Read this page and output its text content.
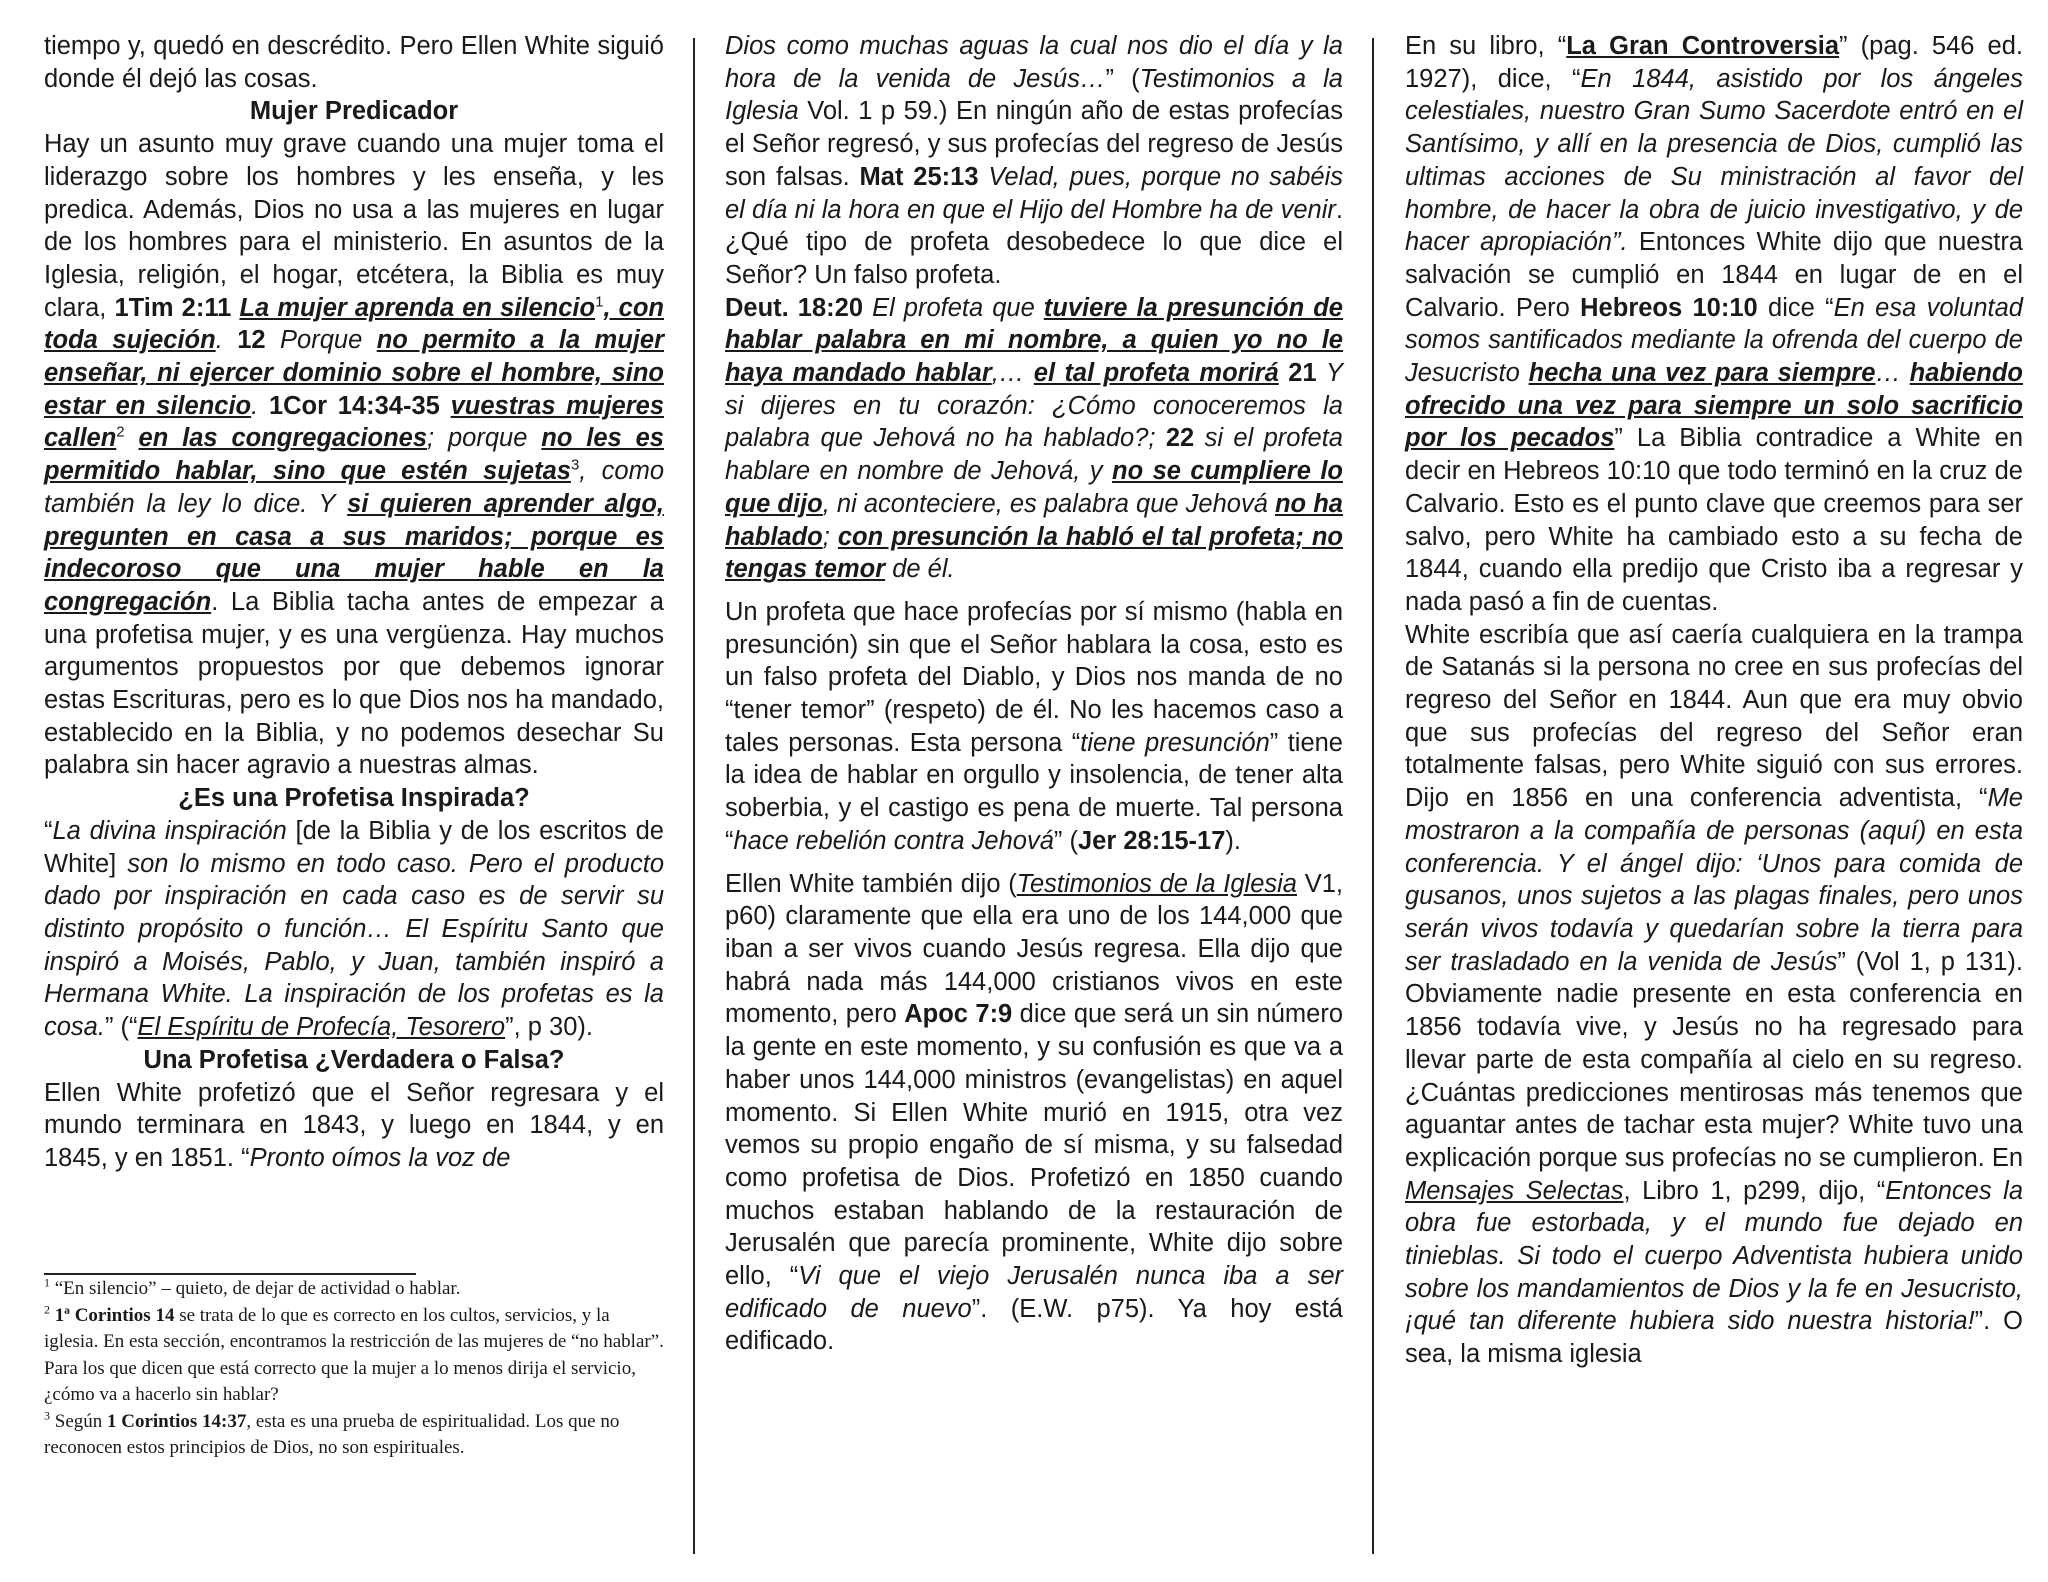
tiempo y, quedó en descrédito. Pero Ellen White siguió donde él dejó las cosas.

Mujer Predicador

Hay un asunto muy grave cuando una mujer toma el liderazgo sobre los hombres y les enseña, y les predica. Además, Dios no usa a las mujeres en lugar de los hombres para el ministerio. En asuntos de la Iglesia, religión, el hogar, etcétera, la Biblia es muy clara, 1Tim 2:11 La mujer aprenda en silencio$^1$, con toda sujeción. 12 Porque no permito a la mujer enseñar, ni ejercer dominio sobre el hombre, sino estar en silencio. 1Cor 14:34-35 vuestras mujeres callen$^2$ en las congregaciones; porque no les es permitido hablar, sino que estén sujetas$^3$, como también la ley lo dice. Y si quieren aprender algo, pregunten en casa a sus maridos; porque es indecoroso que una mujer hable en la congregación. La Biblia tacha antes de empezar a una profetisa mujer, y es una vergüenza. Hay muchos argumentos propuestos por que debemos ignorar estas Escrituras, pero es lo que Dios nos ha mandado, establecido en la Biblia, y no podemos desechar Su palabra sin hacer agravio a nuestras almas.

¿Es una Profetisa Inspirada?

“La divina inspiración [de la Biblia y de los escritos de White] son lo mismo en todo caso. Pero el producto dado por inspiración en cada caso es de servir su distinto propósito o función… El Espíritu Santo que inspiró a Moisés, Pablo, y Juan, también inspiró a Hermana White. La inspiración de los profetas es la cosa.” (“El Espíritu de Profecía, Tesorero”, p 30).

Una Profetisa ¿Verdadera o Falsa?

Ellen White profetizó que el Señor regresara y el mundo terminara en 1843, y luego en 1844, y en 1845, y en 1851. “Pronto oímos la voz de

$^1$ “En silencio” – quieto, de dejar de actividad o hablar.

$^2$ 1ª Corintios 14 se trata de lo que es correcto en los cultos, servicios, y la iglesia. En esta sección, encontramos la restricción de las mujeres de “no hablar”. Para los que dicen que está correcto que la mujer a lo menos dirija el servicio, ¿cómo va a hacerlo sin hablar?

$^3$ Según 1 Corintios 14:37, esta es una prueba de espiritualidad. Los que no reconocen estos principios de Dios, no son espirituales.

Dios como muchas aguas la cual nos dio el día y la hora de la venida de Jesús…” (Testimonios a la Iglesia Vol. 1 p 59.) En ningún año de estas profecías el Señor regresó, y sus profecías del regreso de Jesús son falsas. Mat 25:13 Velad, pues, porque no sabéis el día ni la hora en que el Hijo del Hombre ha de venir. ¿Qué tipo de profeta desobedece lo que dice el Señor? Un falso profeta.

Deut. 18:20 El profeta que tuviere la presunción de hablar palabra en mi nombre, a quien yo no le haya mandado hablar,… el tal profeta morirá 21 Y si dijeres en tu corazón: ¿Cómo conoceremos la palabra que Jehová no ha hablado?; 22 si el profeta hablare en nombre de Jehová, y no se cumpliere lo que dijo, ni aconteciere, es palabra que Jehová no ha hablado; con presunción la habló el tal profeta; no tengas temor de él.

Un profeta que hace profecías por sí mismo (habla en presunción) sin que el Señor hablara la cosa, esto es un falso profeta del Diablo, y Dios nos manda de no “tener temor” (respeto) de él. No les hacemos caso a tales personas. Esta persona “tiene presunción” tiene la idea de hablar en orgullo y insolencia, de tener alta soberbia, y el castigo es pena de muerte. Tal persona “hace rebelión contra Jehová” (Jer 28:15-17).

Ellen White también dijo (Testimonios de la Iglesia V1, p60) claramente que ella era uno de los 144,000 que iban a ser vivos cuando Jesús regresa. Ella dijo que habrá nada más 144,000 cristianos vivos en este momento, pero Apoc 7:9 dice que será un sin número la gente en este momento, y su confusión es que va a haber unos 144,000 ministros (evangelistas) en aquel momento. Si Ellen White murió en 1915, otra vez vemos su propio engaño de sí misma, y su falsedad como profetisa de Dios. Profetizó en 1850 cuando muchos estaban hablando de la restauración de Jerusalén que parecía prominente, White dijo sobre ello, “Vi que el viejo Jerusalén nunca iba a ser edificado de nuevo”. (E.W. p75). Ya hoy está edificado.

En su libro, “La Gran Controversia” (pag. 546 ed. 1927), dice, “En 1844, asistido por los ángeles celestiales, nuestro Gran Sumo Sacerdote entró en el Santísimo, y allí en la presencia de Dios, cumplió las ultimas acciones de Su ministración al favor del hombre, de hacer la obra de juicio investigativo, y de hacer apropiación”. Entonces White dijo que nuestra salvación se cumplió en 1844 en lugar de en el Calvario. Pero Hebreos 10:10 dice “En esa voluntad somos santificados mediante la ofrenda del cuerpo de Jesucristo hecha una vez para siempre… habiendo ofrecido una vez para siempre un solo sacrificio por los pecados” La Biblia contradice a White en decir en Hebreos 10:10 que todo terminó en la cruz de Calvario. Esto es el punto clave que creemos para ser salvo, pero White ha cambiado esto a su fecha de 1844, cuando ella predijo que Cristo iba a regresar y nada pasó a fin de cuentas.

White escribía que así caería cualquiera en la trampa de Satanás si la persona no cree en sus profecías del regreso del Señor en 1844. Aun que era muy obvio que sus profecías del regreso del Señor eran totalmente falsas, pero White siguió con sus errores. Dijo en 1856 en una conferencia adventista, “Me mostraron a la compañía de personas (aquí) en esta conferencia. Y el ángel dijo: ‘Unos para comida de gusanos, unos sujetos a las plagas finales, pero unos serán vivos todavía y quedarían sobre la tierra para ser trasladado en la venida de Jesús” (Vol 1, p 131). Obviamente nadie presente en esta conferencia en 1856 todavía vive, y Jesús no ha regresado para llevar parte de esta compañía al cielo en su regreso. ¿Cuántas predicciones mentirosas más tenemos que aguantar antes de tachar esta mujer? White tuvo una explicación porque sus profecías no se cumplieron. En Mensajes Selectas, Libro 1, p299, dijo, “Entonces la obra fue estorbada, y el mundo fue dejado en tinieblas. Si todo el cuerpo Adventista hubiera unido sobre los mandamientos de Dios y la fe en Jesucristo, ¡qué tan diferente hubiera sido nuestra historia!”. O sea, la misma iglesia
